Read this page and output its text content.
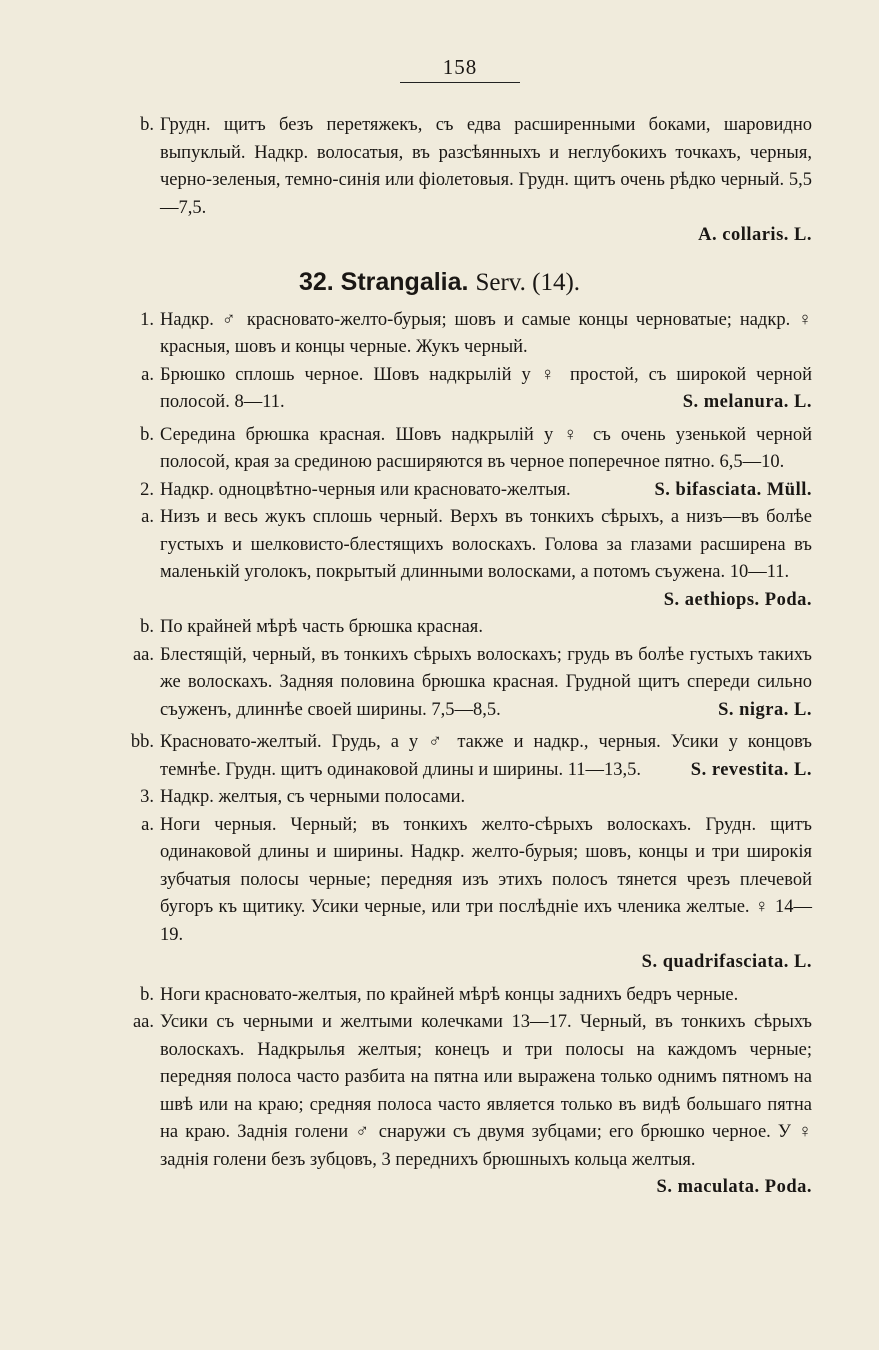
158
b. Грудн. щитъ безъ перетяжекъ, съ едва расширенными боками, шаровидно выпуклый. Надкр. волосатыя, въ разсѣянныхъ и неглубокихъ точкахъ, черныя, черно-зеленыя, темно-синія или фіолетовыя. Грудн. щитъ очень рѣдко черный. 5,5—7,5.
A. collaris. L.
32. Strangalia. Serv. (14).
1. Надкр. ♂ красновато-желто-бурыя; шовъ и самые концы черноватые; надкр. ♀ красныя, шовъ и концы черные. Жукъ черный.
a. Брюшко сплошь черное. Шовъ надкрылій у ♀ простой, съ широкой черной полосой. 8—11.	S. melanura. L.
b. Середина брюшка красная. Шовъ надкрылій у ♀ съ очень узенькой черной полосой, края за срединою расширяются въ черное поперечное пятно. 6,5—10.
S. bifasciata. Müll.
2. Надкр. одноцвѣтно-черныя или красновато-желтыя.
a. Низъ и весь жукъ сплошь черный. Верхъ въ тонкихъ сѣрыхъ, а низъ—въ болѣе густыхъ и шелковисто-блестящихъ волоскахъ. Голова за глазами расширена въ маленькій уголокъ, покрытый длинными волосками, а потомъ съужена. 10—11.
S. aethiops. Poda.
b. По крайней мѣрѣ часть брюшка красная.
aa. Блестящій, черный, въ тонкихъ сѣрыхъ волоскахъ; грудь въ болѣе густыхъ такихъ же волоскахъ. Задняя половина брюшка красная. Грудной щитъ спереди сильно съуженъ, длиннѣе своей ширины. 7,5—8,5.	S. nigra. L.
bb. Красновато-желтый. Грудь, а у ♂ также и надкр., черныя. Усики у концовъ темнѣе. Грудн. щитъ одинаковой длины и ширины. 11—13,5.	S. revestita. L.
3. Надкр. желтыя, съ черными полосами.
a. Ноги черныя. Черный; въ тонкихъ желто-сѣрыхъ волоскахъ. Грудн. щитъ одинаковой длины и ширины. Надкр. желто-бурыя; шовъ, концы и три широкія зубчатыя полосы черные; передняя изъ этихъ полосъ тянется чрезъ плечевой бугоръ къ щитику. Усики черные, или три послѣдніе ихъ членика желтые. ♀ 14—19.
S. quadrifasciata. L.
b. Ноги красновато-желтыя, по крайней мѣрѣ концы заднихъ бедръ черные.
aa. Усики съ черными и желтыми колечками 13—17. Черный, въ тонкихъ сѣрыхъ волоскахъ. Надкрылья желтыя; конецъ и три полосы на каждомъ черные; передняя полоса часто разбита на пятна или выражена только однимъ пятномъ на швѣ или на краю; средняя полоса часто является только въ видѣ большаго пятна на краю. Заднія голени ♂ снаружи съ двумя зубцами; его брюшко черное. У ♀ заднія голени безъ зубцовъ, 3 переднихъ брюшныхъ кольца желтыя.
S. maculata. Poda.
